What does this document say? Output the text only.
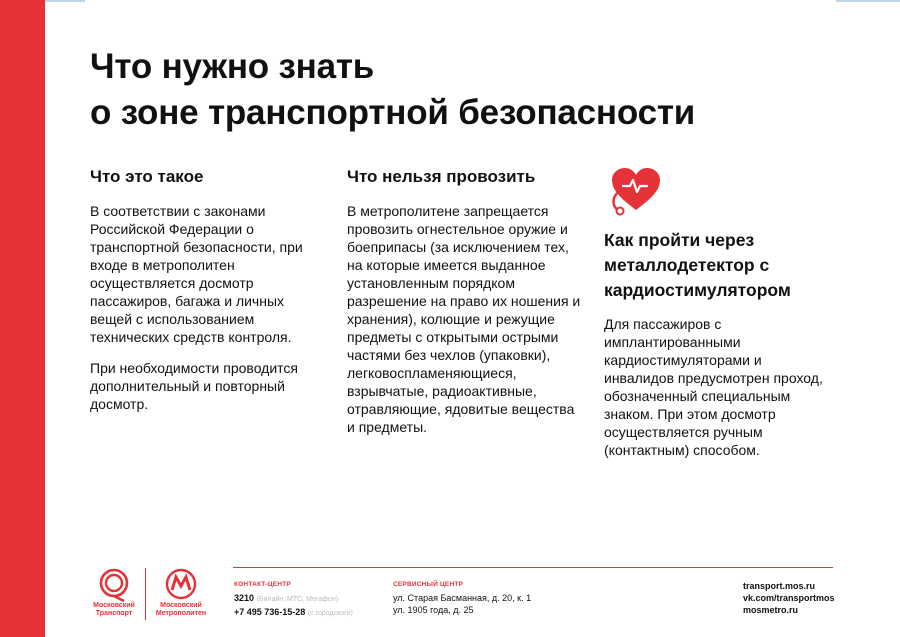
Что нужно знать
о зоне транспортной безопасности
Что это такое

В соответствии с законами Российской Федерации о транспортной безопасности, при входе в метрополитен осуществляется досмотр пассажиров, багажа и личных вещей с использованием технических средств контроля.

При необходимости проводится дополнительный и повторный досмотр.

Что нельзя провозить

В метрополитене запрещается провозить огнестельное оружие и боеприпасы (за исключением тех, на которые имеется выданное установленным порядком разрешение на право их ношения и хранения), колющие и режущие предметы с открытыми острыми частями без чехлов (упаковки), легковоспламеняющиеся, взрывчатые, радиоактивные, отравляющие, ядовитые вещества и предметы.

Как пройти через металлодетектор с кардиостимулятором

Для пассажиров с имплантированными кардиостимуляторами и инвалидов предусмотрен проход, обозначенный специальным знаком. При этом досмотр осуществляется ручным (контактным) способом.

Московский Транспорт
Московский Метрополитен
КОНТАКТ-ЦЕНТР
3210 (Билайн, МТС, Мегафон)
+7 495 736-15-28 (с городского)
СЕРВИСНЫЙ ЦЕНТР
ул. Старая Басманная, д. 20, к. 1
ул. 1905 года, д. 25
transport.mos.ru
vk.com/transportmos
mosmetro.ru
